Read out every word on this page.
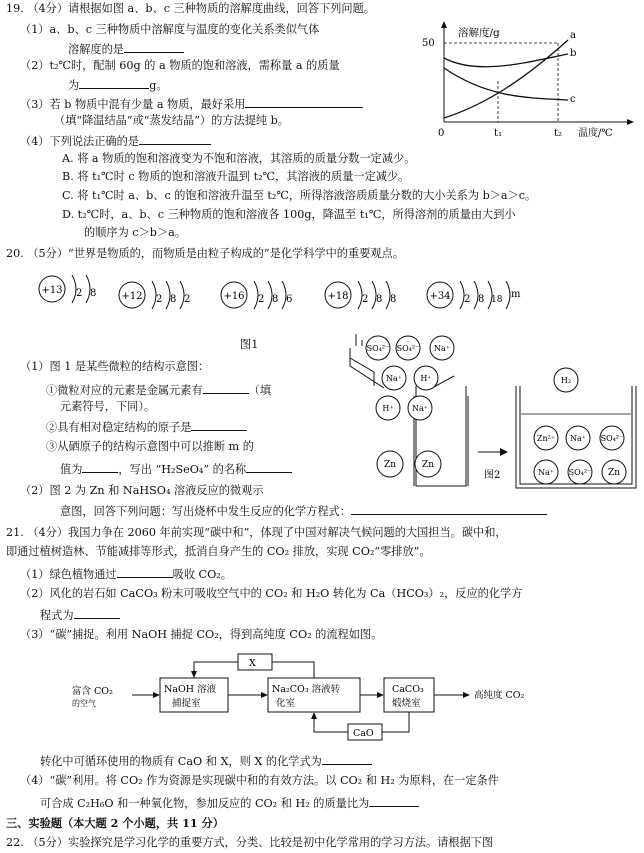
19. （4分）请根据如图 a、b、c 三种物质的溶解度曲线，回答下列问题。
（1）a、b、c 三种物质中溶解度与温度的变化关系类似气体
溶解度的是
（2）t₂℃时，配制 60g 的 a 物质的饱和溶液，需称量 a 的质量
为	g。
（3）若 b 物质中混有少量 a 物质，最好采用
（填“降温结晶”或“蒸发结晶”）的方法提纯 b。
（4）下列说法正确的是
A. 将 a 物质的饱和溶液变为不饱和溶液，其溶质的质量分数一定减少。
B. 将 t₁℃时 c 物质的饱和溶液升温到 t₂℃，其溶液的质量一定减少。
C. 将 t₁℃时 a、b、c 的饱和溶液升温至 t₂℃，所得溶液溶质质量分数的大小关系为 b＞a＞c。
D. t₂℃时，a、b、c 三种物质的饱和溶液各 100g，降温至 t₁℃，所得溶剂的质量由大到小
的顺序为 c＞b＞a。
溶解度/g
50
a
b
c
0	t₁	t₂ 温度/℃
20. （5分）“世界是物质的，而物质是由粒子构成的”是化学科学中的重要观点。
+13 2 8	+12 2 8 2	+16 2 8 6	+18 2 8 8	+34 2 8 18 m
图1
（1）图 1 是某些微粒的结构示意图：
①微粒对应的元素是金属元素有	（填
元素符号，下同）。
②具有相对稳定结构的原子是
③从硒原子的结构示意图中可以推断 m 的
值为	，写出 “H₂SeO₄” 的名称
（2）图 2 为 Zn 和 NaHSO₄ 溶液反应的微观示
意图，回答下列问题：写出烧杯中发生反应的化学方程式：
SO₄²⁻ SO₄²⁻ Na⁺
Na⁺ H⁺
H⁺ Na⁺
Zn	Zn
H₂
Zn²⁺ Na⁺ SO₄²⁻
Na⁺ SO₄²⁻ Zn
图2
21. （4分）我国力争在 2060 年前实现“碳中和”，体现了中国对解决气候问题的大国担当。碳中和，
即通过植树造林、节能减排等形式，抵消自身产生的 CO₂ 排放，实现 CO₂“零排放”。
（1）绿色植物通过	吸收 CO₂。
（2）风化的岩石如 CaCO₃ 粉末可吸收空气中的 CO₂ 和 H₂O 转化为 Ca（HCO₃）₂，反应的化学方
程式为
（3）“碳”捕捉。利用 NaOH 捕捉 CO₂，得到高纯度 CO₂ 的流程如图。
X
富含 CO₂
的空气
NaOH 溶液
捕捉室
Na₂CO₃ 溶液转
化室
CaCO₃
煅烧室
CaO
高纯度 CO₂
转化中可循环使用的物质有 CaO 和 X，则 X 的化学式为
（4）“碳”利用。将 CO₂ 作为资源是实现碳中和的有效方法。以 CO₂ 和 H₂ 为原料，在一定条件
可合成 C₂H₆O 和一种氧化物，参加反应的 CO₂ 和 H₂ 的质量比为
三、实验题（本大题 2 个小题，共 11 分）
22. （5分）实验探究是学习化学的重要方式，分类、比较是初中化学常用的学习方法。请根据下图
